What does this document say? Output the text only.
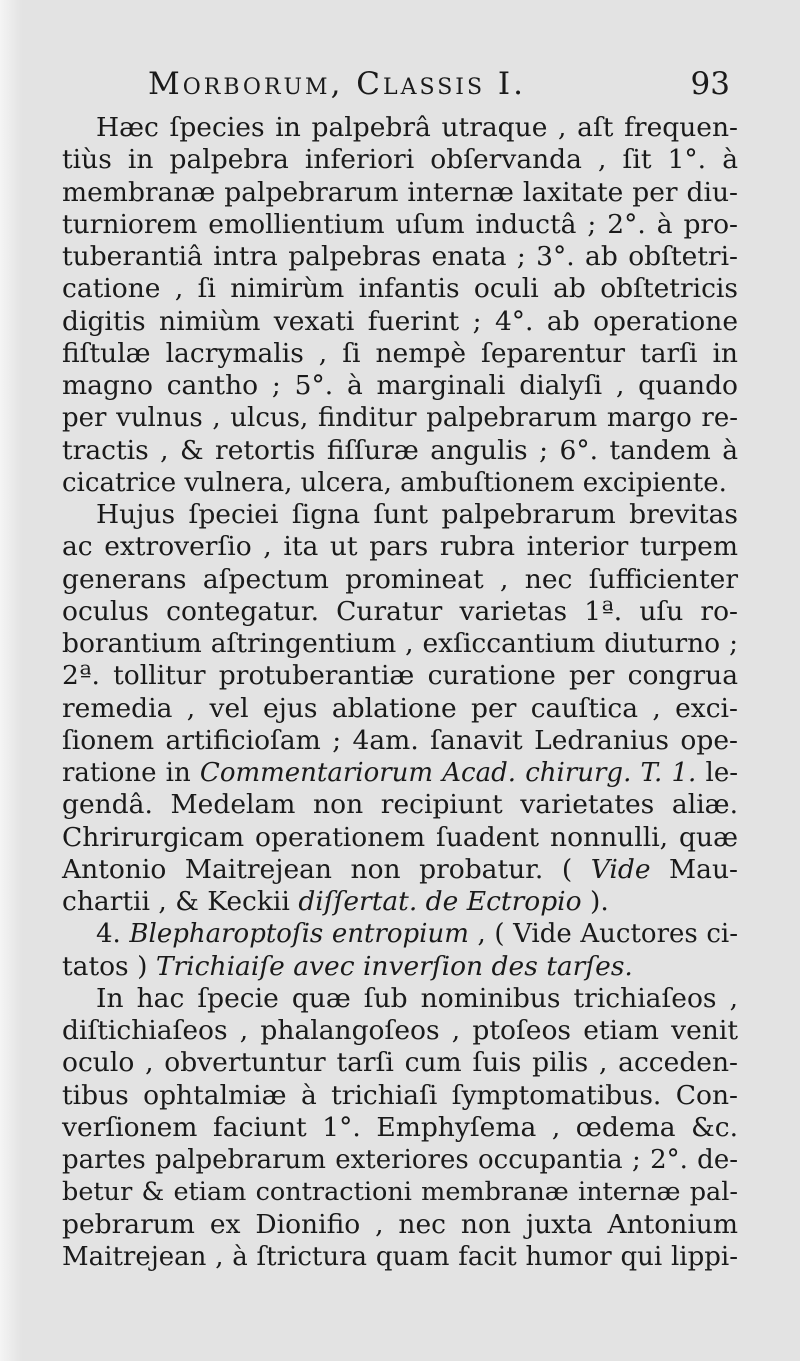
Morborum, Classis I.	93
Hæc ſpecies in palpebrâ utraque , aſt frequen-
tiùs in palpebra inferiori obſervanda , ſit 1°. à
membranæ palpebrarum internæ laxitate per diu-
turniorem emollientium uſum inductâ ; 2°. à pro-
tuberantiâ intra palpebras enata ; 3°. ab obſtetri-
catione , ſi nimirùm infantis oculi ab obſtetricis
digitis nimiùm vexati fuerint ; 4°. ab operatione
fiſtulæ lacrymalis , ſi nempè ſeparentur tarſi in
magno cantho ; 5°. à marginali dialyſi , quando
per vulnus , ulcus, finditur palpebrarum margo re-
tractis , & retortis fiſſuræ angulis ; 6°. tandem à
cicatrice vulnera, ulcera, ambuſtionem excipiente.
Hujus ſpeciei ſigna ſunt palpebrarum brevitas
ac extroverſio , ita ut pars rubra interior turpem
generans aſpectum promineat , nec ſufficienter
oculus contegatur. Curatur varietas 1ª. uſu ro-
borantium aſtringentium , exſiccantium diuturno ;
2ª. tollitur protuberantiæ curatione per congrua
remedia , vel ejus ablatione per cauſtica , exci-
ſionem artificioſam ; 4am. ſanavit Ledranius ope-
ratione in Commentariorum Acad. chirurg. T. 1. le-
gendâ. Medelam non recipiunt varietates aliæ.
Chrirurgicam operationem ſuadent nonnulli, quæ
Antonio Maitrejean non probatur. ( Vide Mau-
chartii , & Keckii diſſertat. de Ectropio ).
4. Blepharoptoſis entropium , ( Vide Auctores ci-
tatos ) Trichiaiſe avec inverſion des tarſes.
In hac ſpecie quæ ſub nominibus trichiaſeos ,
diſtichiaſeos , phalangoſeos , ptoſeos etiam venit
oculo , obvertuntur tarſi cum ſuis pilis , acceden-
tibus ophtalmiæ à trichiaſi ſymptomatibus. Con-
verſionem faciunt 1°. Emphyſema , œdema &c.
partes palpebrarum exteriores occupantia ; 2°. de-
betur & etiam contractioni membranæ internæ pal-
pebrarum ex Dionifio , nec non juxta Antonium
Maitrejean , à ſtrictura quam facit humor qui lippi-
